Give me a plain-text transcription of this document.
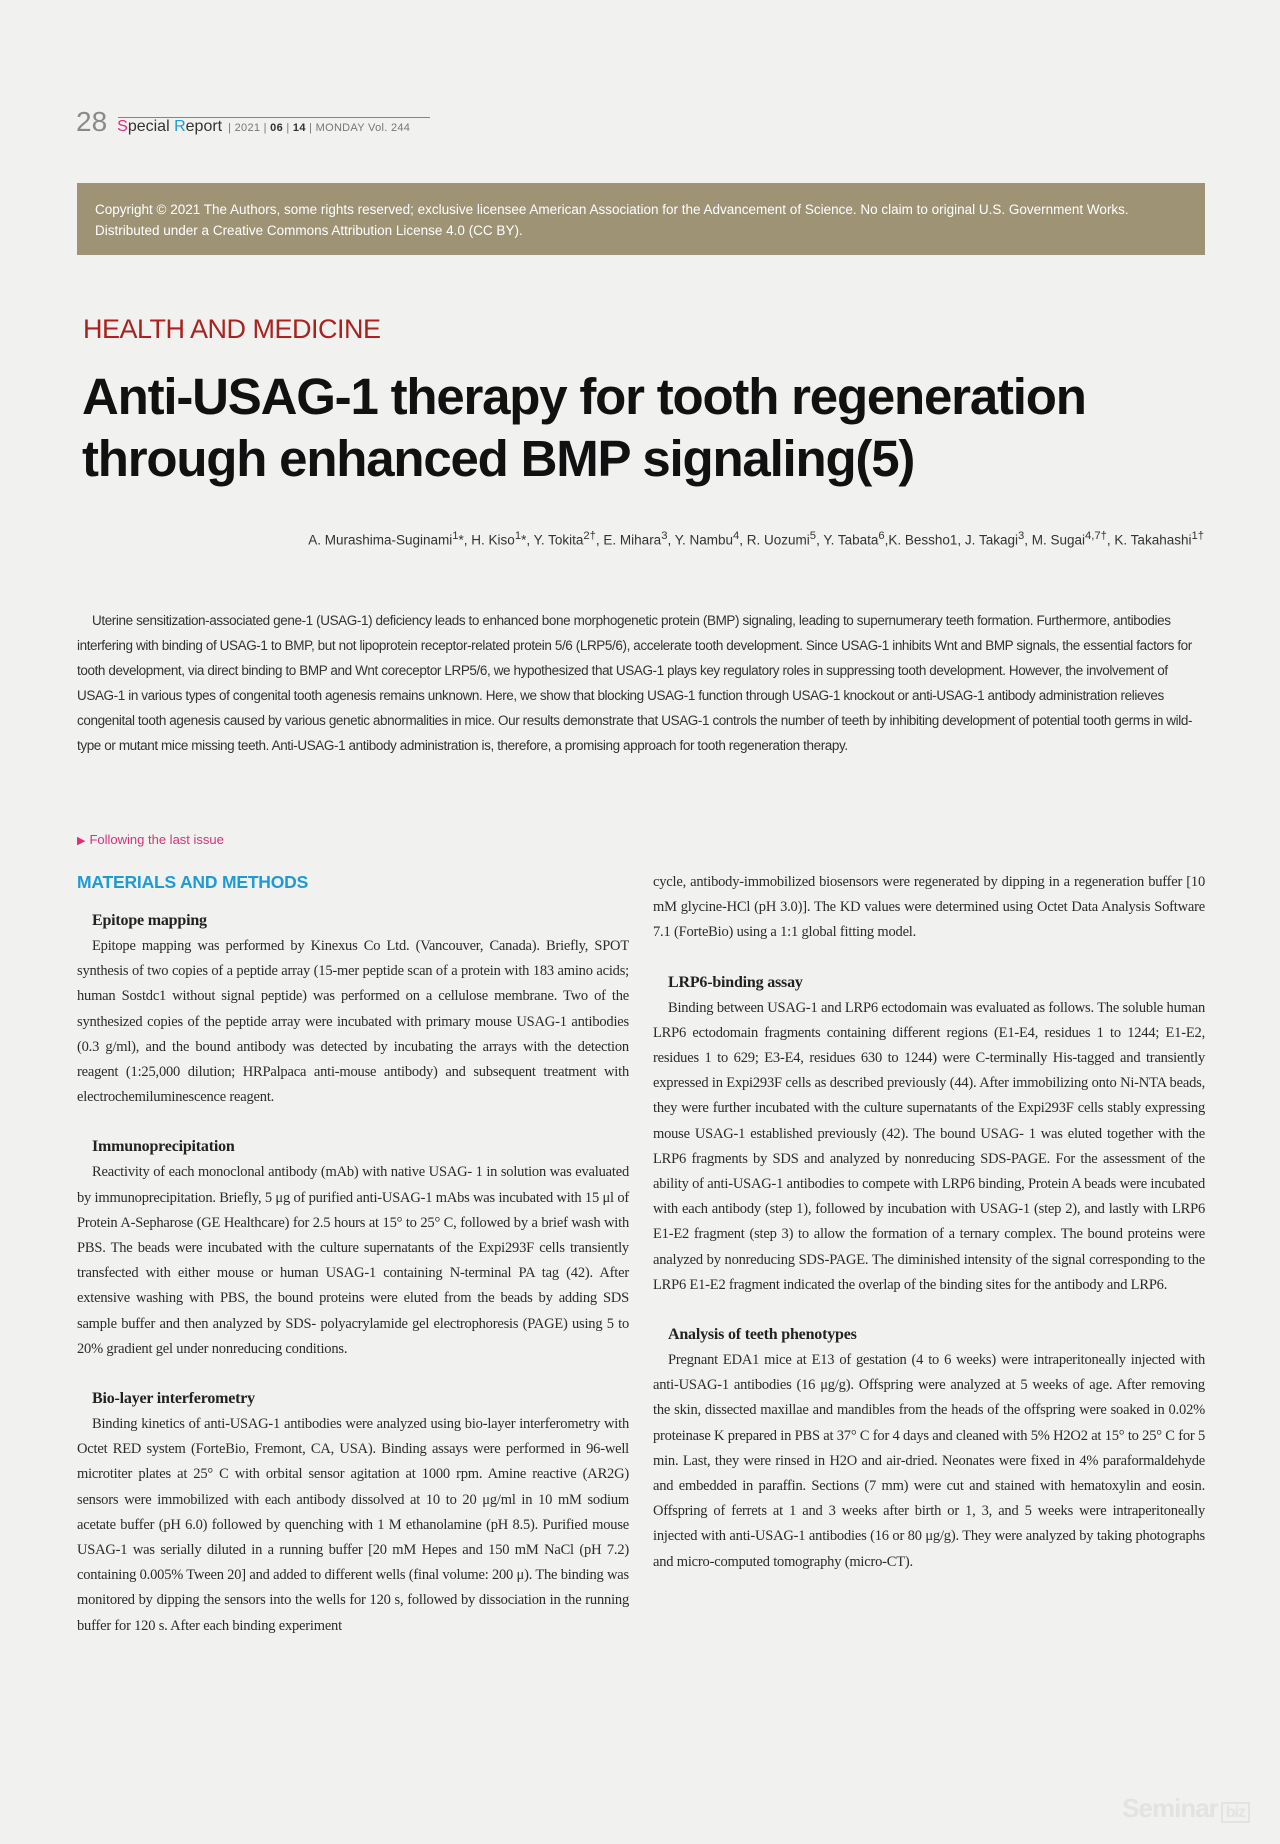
28 Special Report | 2021 | 06 | 14 | MONDAY Vol. 244
Copyright © 2021 The Authors, some rights reserved; exclusive licensee American Association for the Advancement of Science. No claim to original U.S. Government Works. Distributed under a Creative Commons Attribution License 4.0 (CC BY).
HEALTH AND MEDICINE
Anti-USAG-1 therapy for tooth regeneration through enhanced BMP signaling(5)
A. Murashima-Suginami$^1$*, H. Kiso$^1$*, Y. Tokita$^{2\dagger}$, E. Mihara$^3$, Y. Nambu$^4$, R. Uozumi$^5$, Y. Tabata$^6$,K. Bessho1, J. Takagi$^3$, M. Sugai$^{4,7\dagger}$, K. Takahashi$^{1\dagger}$

Uterine sensitization-associated gene-1 (USAG-1) deficiency leads to enhanced bone morphogenetic protein (BMP) signaling, leading to supernumerary teeth formation. Furthermore, antibodies interfering with binding of USAG-1 to BMP, but not lipoprotein receptor-related protein 5/6 (LRP5/6), accelerate tooth development. Since USAG-1 inhibits Wnt and BMP signals, the essential factors for tooth development, via direct binding to BMP and Wnt coreceptor LRP5/6, we hypothesized that USAG-1 plays key regulatory roles in suppressing tooth development. However, the involvement of USAG-1 in various types of congenital tooth agenesis remains unknown. Here, we show that blocking USAG-1 function through USAG-1 knockout or anti-USAG-1 antibody administration relieves congenital tooth agenesis caused by various genetic abnormalities in mice. Our results demonstrate that USAG-1 controls the number of teeth by inhibiting development of potential tooth germs in wild-type or mutant mice missing teeth. Anti-USAG-1 antibody administration is, therefore, a promising approach for tooth regeneration therapy.

▶ Following the last issue
MATERIALS AND METHODS
Epitope mapping

Epitope mapping was performed by Kinexus Co Ltd. (Vancouver, Canada). Briefly, SPOT synthesis of two copies of a peptide array (15-mer peptide scan of a protein with 183 amino acids; human Sostdc1 without signal peptide) was performed on a cellulose membrane. Two of the synthesized copies of the peptide array were incubated with primary mouse USAG-1 antibodies (0.3 g/ml), and the bound antibody was detected by incubating the arrays with the detection reagent (1:25,000 dilution; HRPalpaca anti-mouse antibody) and subsequent treatment with electrochemiluminescence reagent.

Immunoprecipitation

Reactivity of each monoclonal antibody (mAb) with native USAG- 1 in solution was evaluated by immunoprecipitation. Briefly, 5 μg of purified anti-USAG-1 mAbs was incubated with 15 μl of Protein A-Sepharose (GE Healthcare) for 2.5 hours at 15° to 25° C, followed by a brief wash with PBS. The beads were incubated with the culture supernatants of the Expi293F cells transiently transfected with either mouse or human USAG-1 containing N-terminal PA tag (42). After extensive washing with PBS, the bound proteins were eluted from the beads by adding SDS sample buffer and then analyzed by SDS- polyacrylamide gel electrophoresis (PAGE) using 5 to 20% gradient gel under nonreducing conditions.

Bio-layer interferometry

Binding kinetics of anti-USAG-1 antibodies were analyzed using bio-layer interferometry with Octet RED system (ForteBio, Fremont, CA, USA). Binding assays were performed in 96-well microtiter plates at 25° C with orbital sensor agitation at 1000 rpm. Amine reactive (AR2G) sensors were immobilized with each antibody dissolved at 10 to 20 μg/ml in 10 mM sodium acetate buffer (pH 6.0) followed by quenching with 1 M ethanolamine (pH 8.5). Purified mouse USAG-1 was serially diluted in a running buffer [20 mM Hepes and 150 mM NaCl (pH 7.2) containing 0.005% Tween 20] and added to different wells (final volume: 200 μ). The binding was monitored by dipping the sensors into the wells for 120 s, followed by dissociation in the running buffer for 120 s. After each binding experiment

cycle, antibody-immobilized biosensors were regenerated by dipping in a regeneration buffer [10 mM glycine-HCl (pH 3.0)]. The KD values were determined using Octet Data Analysis Software 7.1 (ForteBio) using a 1:1 global fitting model.

LRP6-binding assay

Binding between USAG-1 and LRP6 ectodomain was evaluated as follows. The soluble human LRP6 ectodomain fragments containing different regions (E1-E4, residues 1 to 1244; E1-E2, residues 1 to 629; E3-E4, residues 630 to 1244) were C-terminally His-tagged and transiently expressed in Expi293F cells as described previously (44). After immobilizing onto Ni-NTA beads, they were further incubated with the culture supernatants of the Expi293F cells stably expressing mouse USAG-1 established previously (42). The bound USAG- 1 was eluted together with the LRP6 fragments by SDS and analyzed by nonreducing SDS-PAGE. For the assessment of the ability of anti-USAG-1 antibodies to compete with LRP6 binding, Protein A beads were incubated with each antibody (step 1), followed by incubation with USAG-1 (step 2), and lastly with LRP6 E1-E2 fragment (step 3) to allow the formation of a ternary complex. The bound proteins were analyzed by nonreducing SDS-PAGE. The diminished intensity of the signal corresponding to the LRP6 E1-E2 fragment indicated the overlap of the binding sites for the antibody and LRP6.

Analysis of teeth phenotypes

Pregnant EDA1 mice at E13 of gestation (4 to 6 weeks) were intraperitoneally injected with anti-USAG-1 antibodies (16 μg/g). Offspring were analyzed at 5 weeks of age. After removing the skin, dissected maxillae and mandibles from the heads of the offspring were soaked in 0.02% proteinase K prepared in PBS at 37° C for 4 days and cleaned with 5% H2O2 at 15° to 25° C for 5 min. Last, they were rinsed in H2O and air-dried. Neonates were fixed in 4% paraformaldehyde and embedded in paraffin. Sections (7 mm) were cut and stained with hematoxylin and eosin. Offspring of ferrets at 1 and 3 weeks after birth or 1, 3, and 5 weeks were intraperitoneally injected with anti-USAG-1 antibodies (16 or 80 μg/g). They were analyzed by taking photographs and micro-computed tomography (micro-CT).

Seminar biz
